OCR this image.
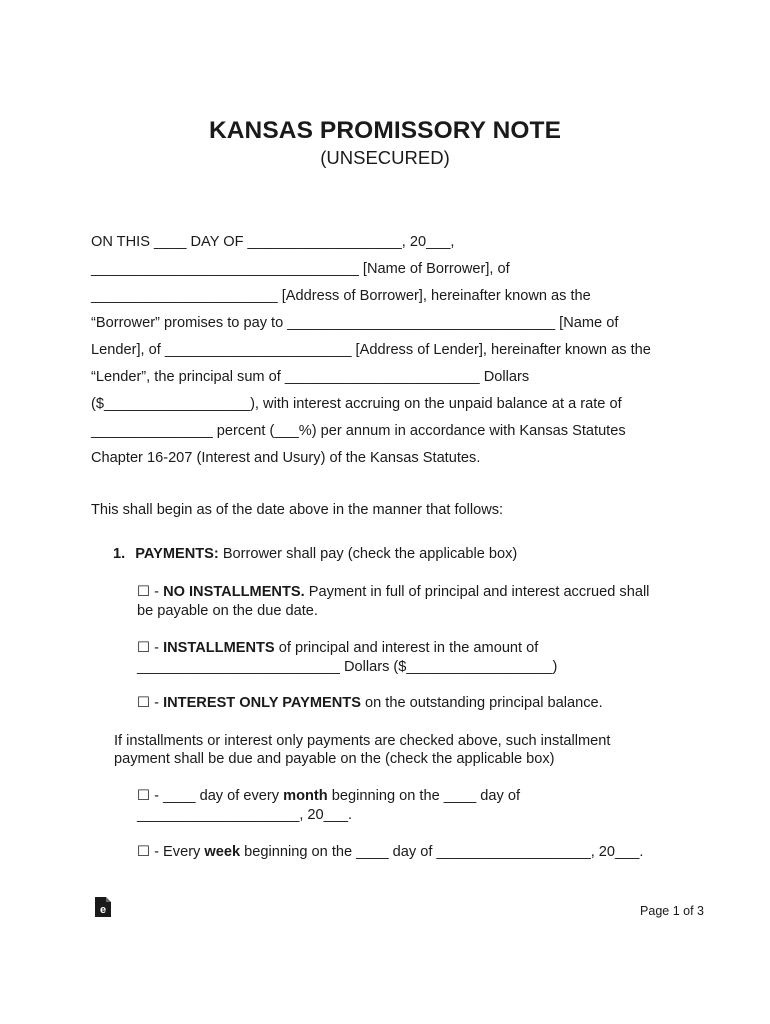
KANSAS PROMISSORY NOTE
(UNSECURED)
ON THIS ____ DAY OF ___________________, 20___,
_________________________________ [Name of Borrower], of
_______________________ [Address of Borrower], hereinafter known as the
“Borrower” promises to pay to _________________________________ [Name of
Lender], of _______________________ [Address of Lender], hereinafter known as the
“Lender”, the principal sum of ________________________ Dollars
($__________________), with interest accruing on the unpaid balance at a rate of
_______________ percent (___%) per annum in accordance with Kansas Statutes
Chapter 16-207 (Interest and Usury) of the Kansas Statutes.
This shall begin as of the date above in the manner that follows:
1. PAYMENTS: Borrower shall pay (check the applicable box)
☐ - NO INSTALLMENTS. Payment in full of principal and interest accrued shall
be payable on the due date.
☐ - INSTALLMENTS of principal and interest in the amount of
_________________________ Dollars ($__________________)
☐ - INTEREST ONLY PAYMENTS on the outstanding principal balance.
If installments or interest only payments are checked above, such installment
payment shall be due and payable on the (check the applicable box)
☐ - ____ day of every month beginning on the ____ day of
____________________, 20___.
☐ - Every week beginning on the ____ day of ___________________, 20___.
e	Page 1 of 3
